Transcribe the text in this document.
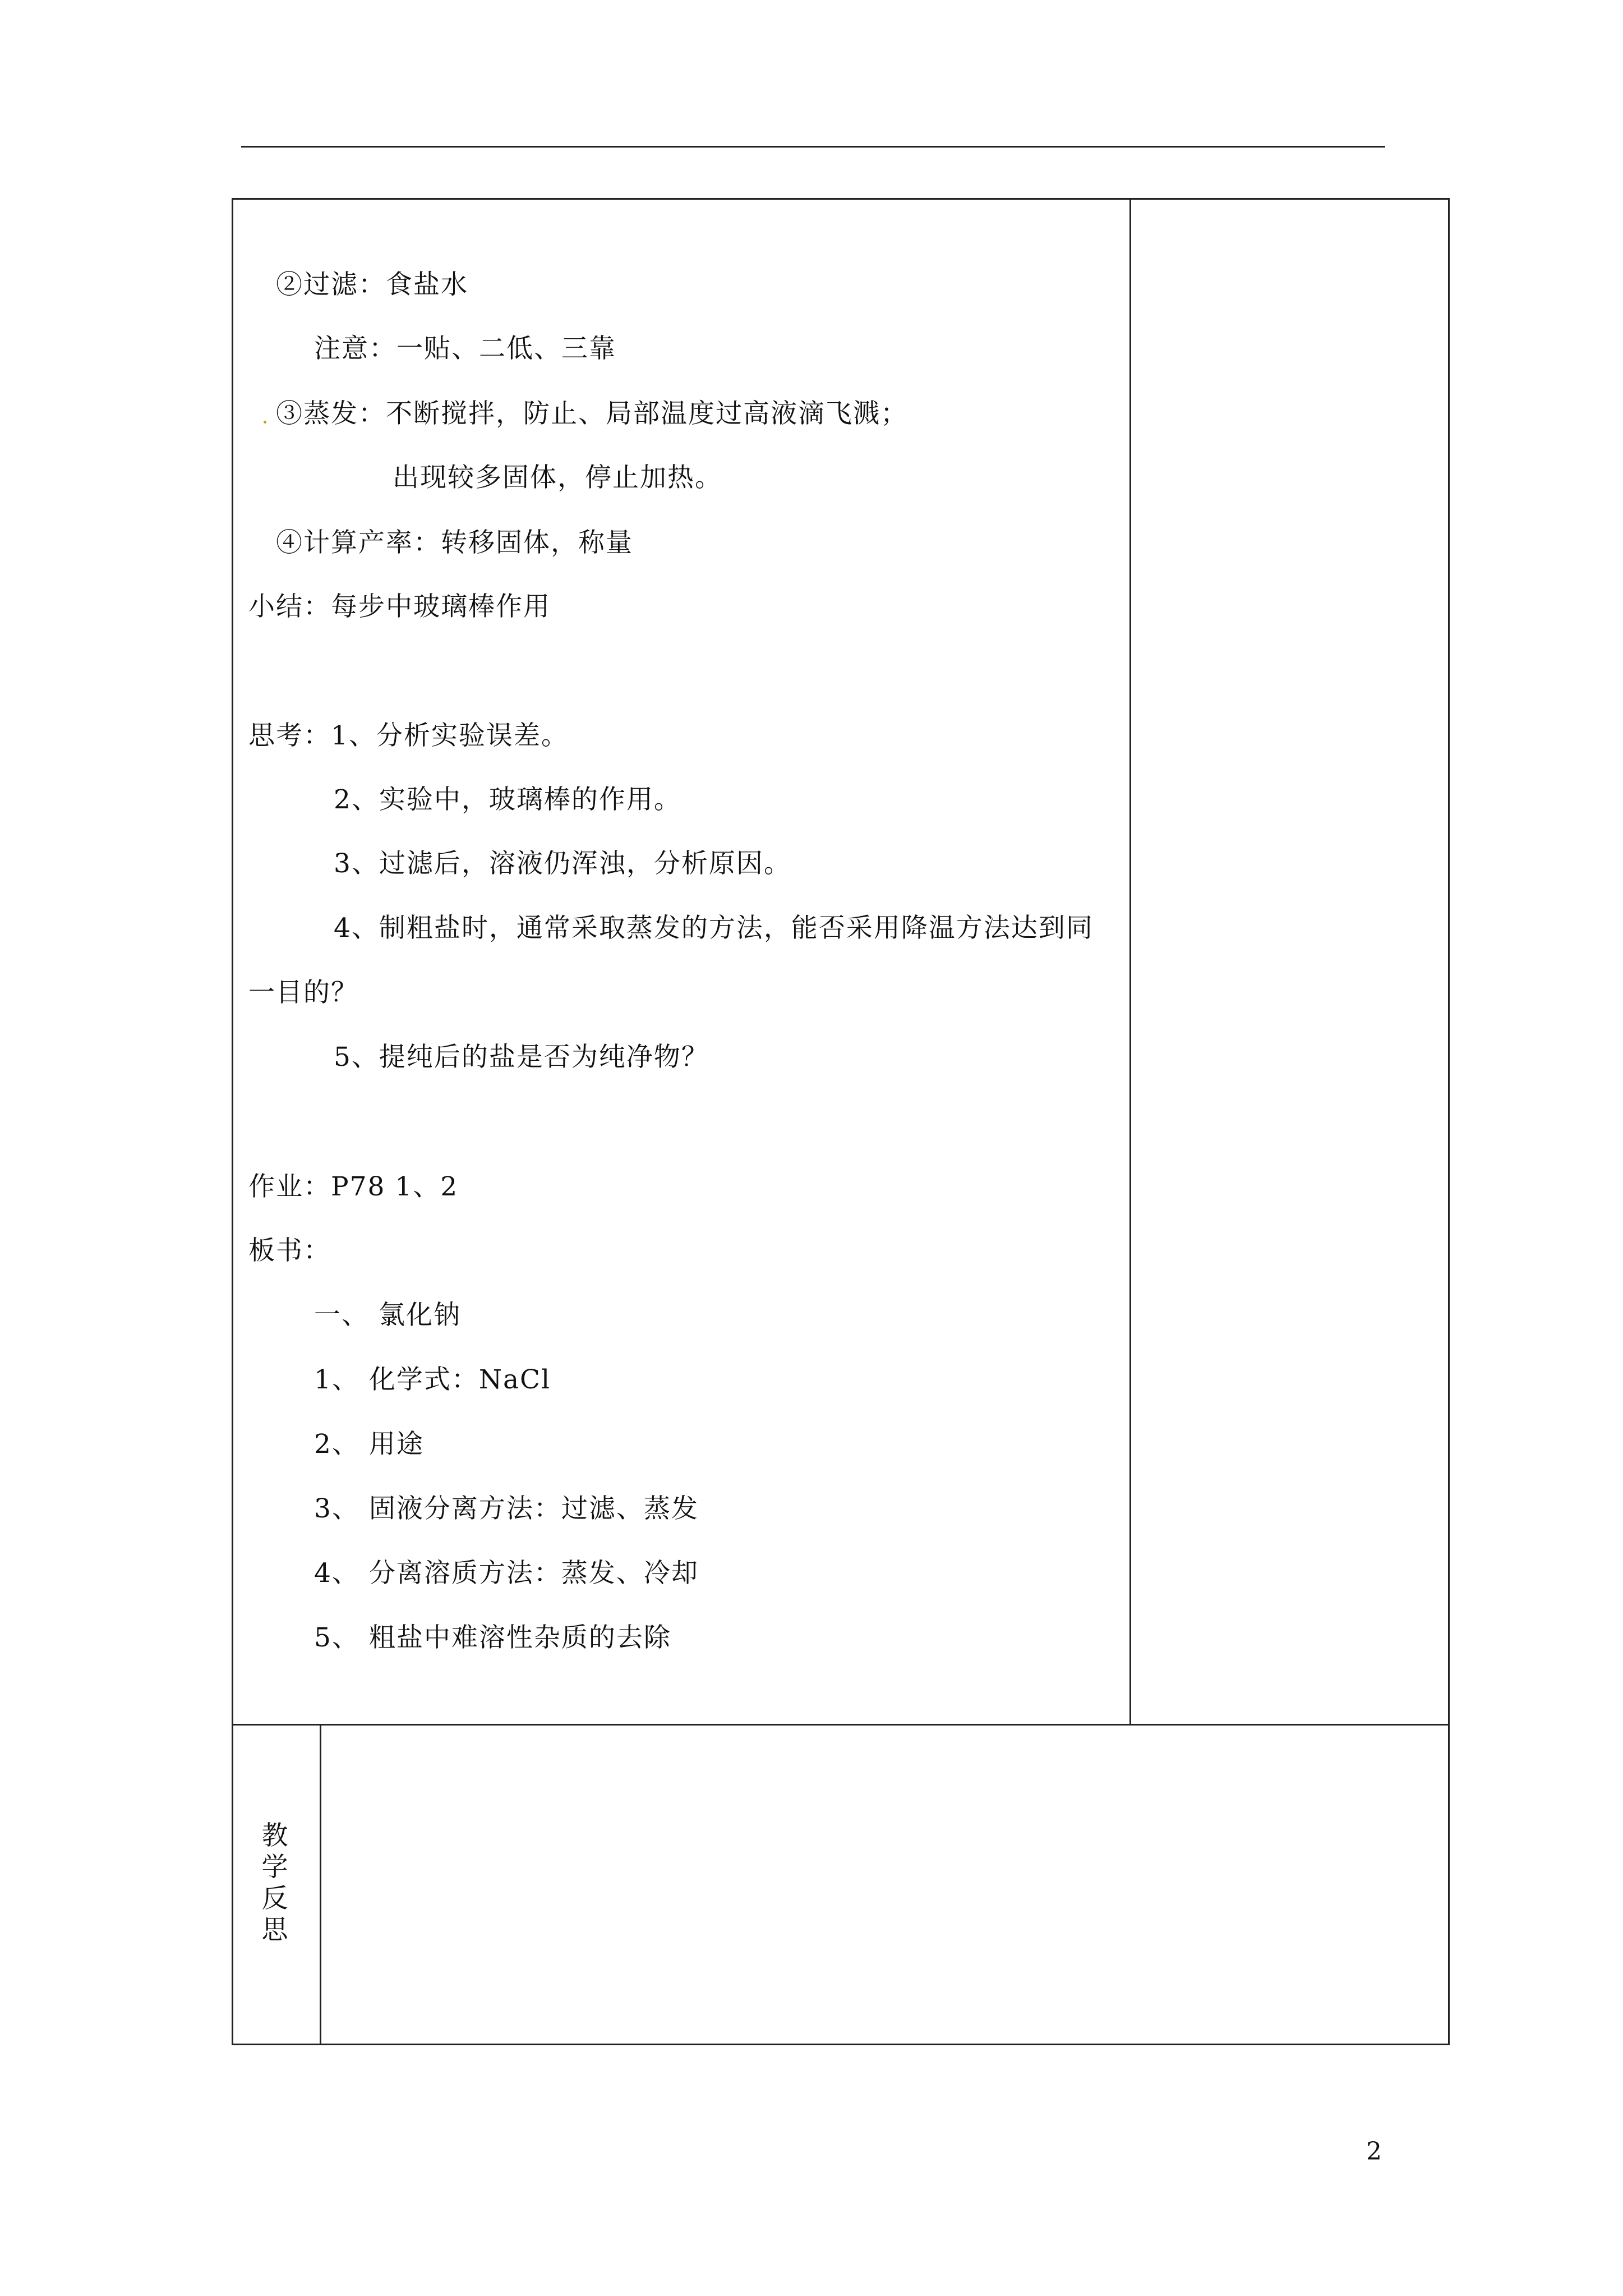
②过滤：食盐水
注意：一贴、二低、三靠
③蒸发：不断搅拌，防止、局部温度过高液滴飞溅；
出现较多固体，停止加热。
④计算产率：转移固体，称量
小结：每步中玻璃棒作用
思考：1、分析实验误差。
2、实验中，玻璃棒的作用。
3、过滤后，溶液仍浑浊，分析原因。
4、制粗盐时，通常采取蒸发的方法，能否采用降温方法达到同
一目的？
5、提纯后的盐是否为纯净物？
作业：P78 1、2
板书：
一、 氯化钠
1、 化学式：NaCl
2、 用途
3、 固液分离方法：过滤、蒸发
4、 分离溶质方法：蒸发、冷却
5、 粗盐中难溶性杂质的去除
教
学
反
思
2
